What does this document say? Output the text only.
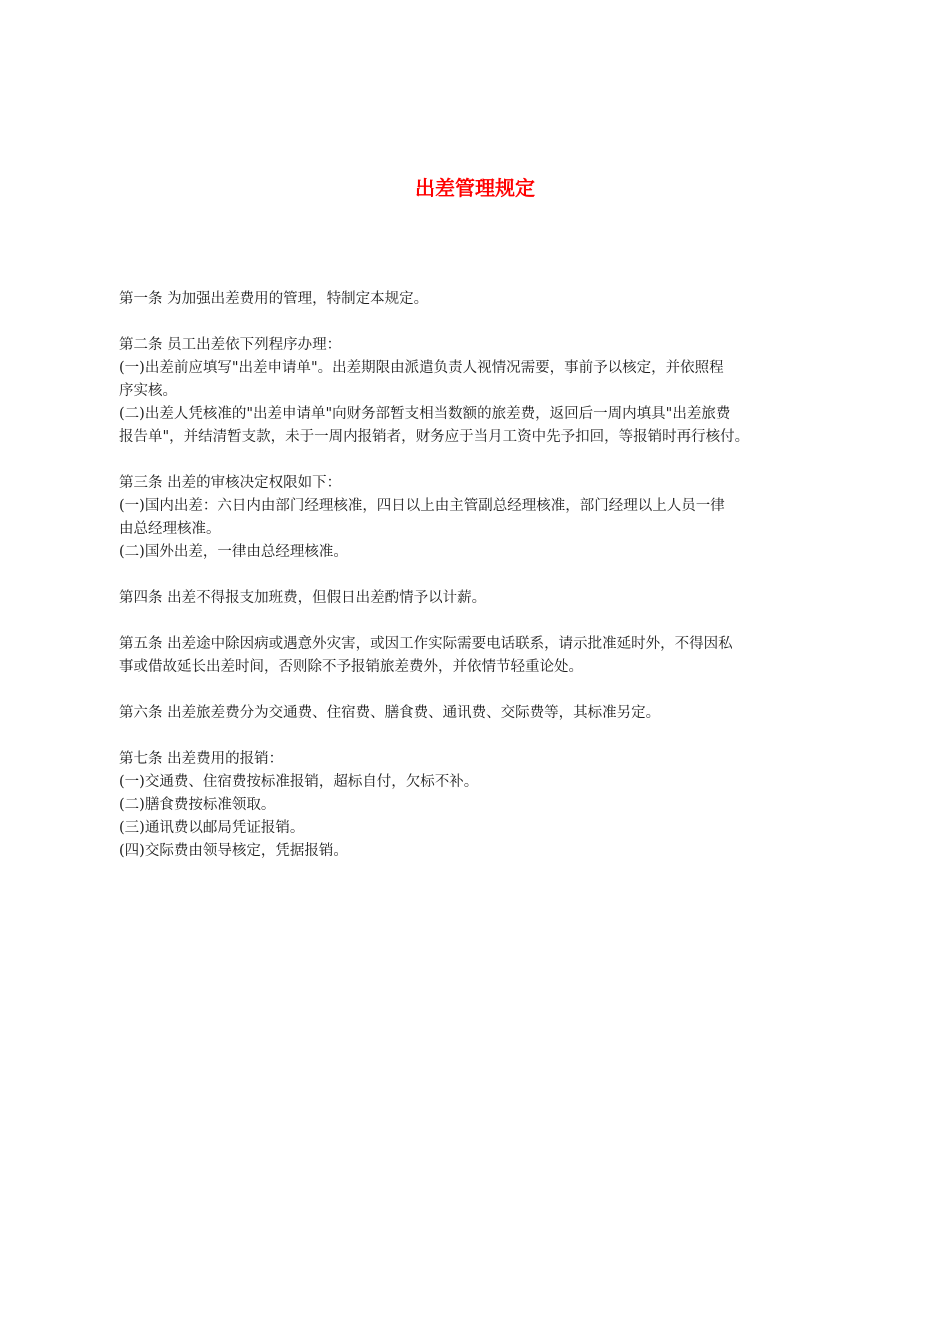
出差管理规定
第一条 为加强出差费用的管理，特制定本规定。
第二条 员工出差依下列程序办理：
(一)出差前应填写"出差申请单"。出差期限由派遣负责人视情况需要，事前予以核定，并依照程
序实核。
(二)出差人凭核准的"出差申请单"向财务部暂支相当数额的旅差费，返回后一周内填具"出差旅费
报告单"，并结清暂支款，未于一周内报销者，财务应于当月工资中先予扣回，等报销时再行核付。
第三条 出差的审核决定权限如下：
(一)国内出差：六日内由部门经理核准，四日以上由主管副总经理核准，部门经理以上人员一律
由总经理核准。
(二)国外出差，一律由总经理核准。
第四条 出差不得报支加班费，但假日出差酌情予以计薪。
第五条 出差途中除因病或遇意外灾害，或因工作实际需要电话联系，请示批准延时外，不得因私
事或借故延长出差时间，否则除不予报销旅差费外，并依情节轻重论处。
第六条 出差旅差费分为交通费、住宿费、膳食费、通讯费、交际费等，其标准另定。
第七条 出差费用的报销：
(一)交通费、住宿费按标准报销，超标自付，欠标不补。
(二)膳食费按标准领取。
(三)通讯费以邮局凭证报销。
(四)交际费由领导核定，凭据报销。
